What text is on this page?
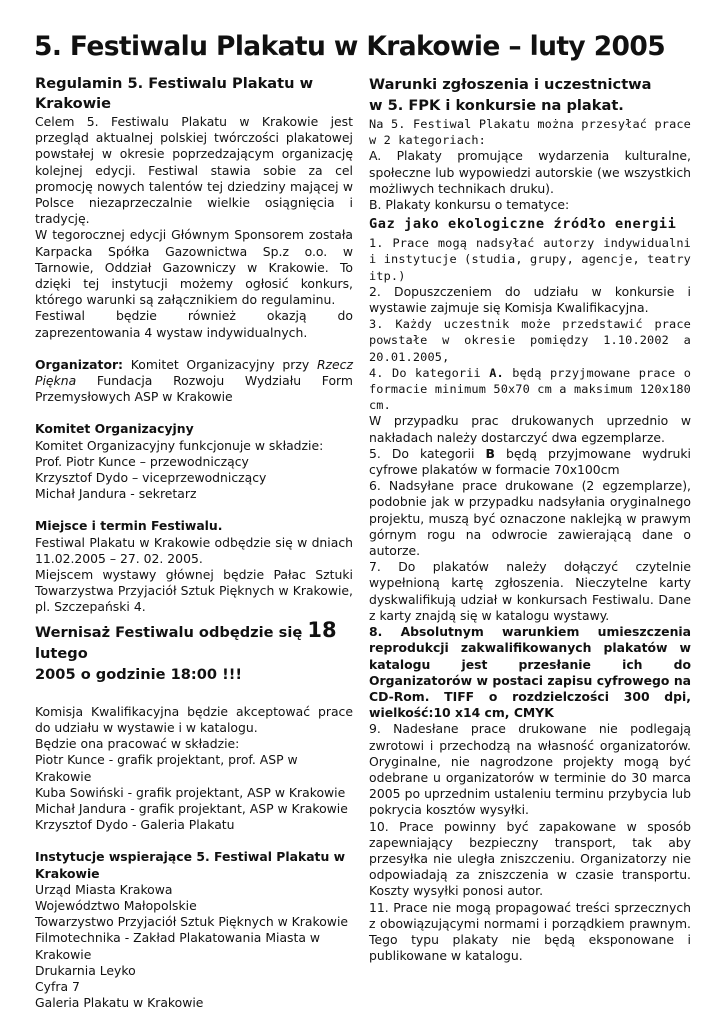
5. Festiwalu Plakatu w Krakowie – luty 2005

Regulamin 5. Festiwalu Plakatu w Krakowie

Celem 5. Festiwalu Plakatu w Krakowie jest przegląd aktualnej polskiej twórczości plakatowej powstałej w okresie poprzedzającym organizację kolejnej edycji. Festiwal stawia sobie za cel promocję nowych talentów tej dziedziny mającej w Polsce niezaprzeczalnie wielkie osiągnięcia i tradycję.

W tegorocznej edycji Głównym Sponsorem została Karpacka Spółka Gazownictwa Sp.z o.o. w Tarnowie, Oddział Gazowniczy w Krakowie. To dzięki tej instytucji możemy ogłosić konkurs, którego warunki są załącznikiem do regulaminu.

Festiwal będzie również okazją do zaprezentowania 4 wystaw indywidualnych.

Organizator: Komitet Organizacyjny przy Rzecz Piękna Fundacja Rozwoju Wydziału Form Przemysłowych ASP w Krakowie

Komitet Organizacyjny

Komitet Organizacyjny funkcjonuje w składzie:

Prof. Piotr Kunce – przewodniczący

Krzysztof Dydo – viceprzewodniczący

Michał Jandura - sekretarz

Miejsce i termin Festiwalu.

Festiwal Plakatu w Krakowie odbędzie się w dniach 11.02.2005 – 27. 02. 2005.

Miejscem wystawy głównej będzie Pałac Sztuki Towarzystwa Przyjaciół Sztuk Pięknych w Krakowie, pl. Szczepański 4.

Wernisaż Festiwalu odbędzie się 18 lutego
2005 o godzinie 18:00 !!!

Komisja Kwalifikacyjna będzie akceptować prace do udziału w wystawie i w katalogu.

Będzie ona pracować w składzie:

Piotr Kunce - grafik projektant, prof. ASP w Krakowie

Kuba Sowiński - grafik projektant, ASP w Krakowie

Michał Jandura - grafik projektant, ASP w Krakowie

Krzysztof Dydo - Galeria Plakatu

Instytucje wspierające 5. Festiwal Plakatu w Krakowie

Urząd Miasta Krakowa

Województwo Małopolskie

Towarzystwo Przyjaciół Sztuk Pięknych w Krakowie

Filmotechnika - Zakład Plakatowania Miasta w Krakowie

Drukarnia Leyko

Cyfra 7

Galeria Plakatu w Krakowie

Warunki zgłoszenia i uczestnictwa
w 5. FPK i konkursie na plakat.

Na 5. Festiwal Plakatu można przesyłać prace w 2 kategoriach:

A. Plakaty promujące wydarzenia kulturalne, społeczne lub wypowiedzi autorskie (we wszystkich możliwych technikach druku).

B. Plakaty konkursu o tematyce:

Gaz jako ekologiczne źródło energii

1. Prace mogą nadsyłać autorzy indywidualni i instytucje (studia, grupy, agencje, teatry itp.)

2. Dopuszczeniem do udziału w konkursie i wystawie zajmuje się Komisja Kwalifikacyjna.

3. Każdy uczestnik może przedstawić prace powstałe w okresie pomiędzy 1.10.2002 a 20.01.2005,

4. Do kategorii A. będą przyjmowane prace o formacie minimum 50x70 cm a maksimum 120x180 cm.

W przypadku prac drukowanych uprzednio w nakładach należy dostarczyć dwa egzemplarze.

5. Do kategorii B będą przyjmowane wydruki cyfrowe plakatów w formacie 70x100cm

6. Nadsyłane prace drukowane (2 egzemplarze), podobnie jak w przypadku nadsyłania oryginalnego projektu, muszą być oznaczone naklejką w prawym górnym rogu na odwrocie zawierającą dane o autorze.

7. Do plakatów należy dołączyć czytelnie wypełnioną kartę zgłoszenia. Nieczytelne karty dyskwalifikują udział w konkursach Festiwalu. Dane z karty znajdą się w katalogu wystawy.

8. Absolutnym warunkiem umieszczenia reprodukcji zakwalifikowanych plakatów w katalogu jest przesłanie ich do Organizatorów w postaci zapisu cyfrowego na CD-Rom. TIFF o rozdzielczości 300 dpi, wielkość:10 x14 cm, CMYK

9. Nadesłane prace drukowane nie podlegają zwrotowi i przechodzą na własność organizatorów. Oryginalne, nie nagrodzone projekty mogą być odebrane u organizatorów w terminie do 30 marca 2005 po uprzednim ustaleniu terminu przybycia lub pokrycia kosztów wysyłki.

10. Prace powinny być zapakowane w sposób zapewniający bezpieczny transport, tak aby przesyłka nie uległa zniszczeniu. Organizatorzy nie odpowiadają za zniszczenia w czasie transportu. Koszty wysyłki ponosi autor.

11. Prace nie mogą propagować treści sprzecznych z obowiązującymi normami i porządkiem prawnym. Tego typu plakaty nie będą eksponowane i publikowane w katalogu.
